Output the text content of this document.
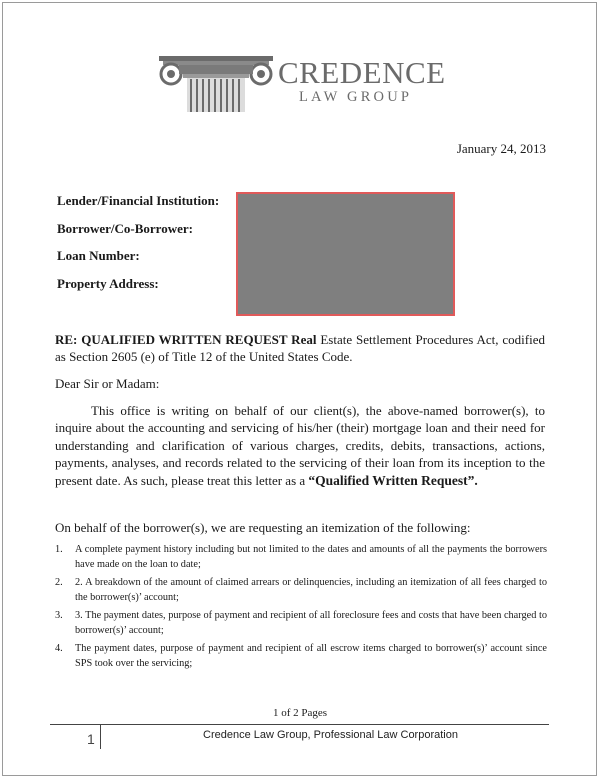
CREDENCE
LAW GROUP
January 24, 2013
Lender/Financial Institution:
Borrower/Co-Borrower:
Loan Number:
Property Address:
RE: QUALIFIED WRITTEN REQUEST Real Estate Settlement Procedures Act, codified as Section 2605 (e) of Title 12 of the United States Code.
Dear Sir or Madam:
This office is writing on behalf of our client(s), the above-named borrower(s), to inquire about the accounting and servicing of his/her (their) mortgage loan and their need for understanding and clarification of various charges, credits, debits, transactions, actions, payments, analyses, and records related to the servicing of their loan from its inception to the present date. As such, please treat this letter as a “Qualified Written Request”.
On behalf of the borrower(s), we are requesting an itemization of the following:
1.	A complete payment history including but not limited to the dates and amounts of all the payments the borrowers have made on the loan to date;
2.	2. A breakdown of the amount of claimed arrears or delinquencies, including an itemization of all fees charged to the borrower(s)’ account;
3.	3. The payment dates, purpose of payment and recipient of all foreclosure fees and costs that have been charged to borrower(s)’ account;
4.	The payment dates, purpose of payment and recipient of all escrow items charged to borrower(s)’ account since SPS took over the servicing;
1 of 2 Pages
1	Credence Law Group, Professional Law Corporation
